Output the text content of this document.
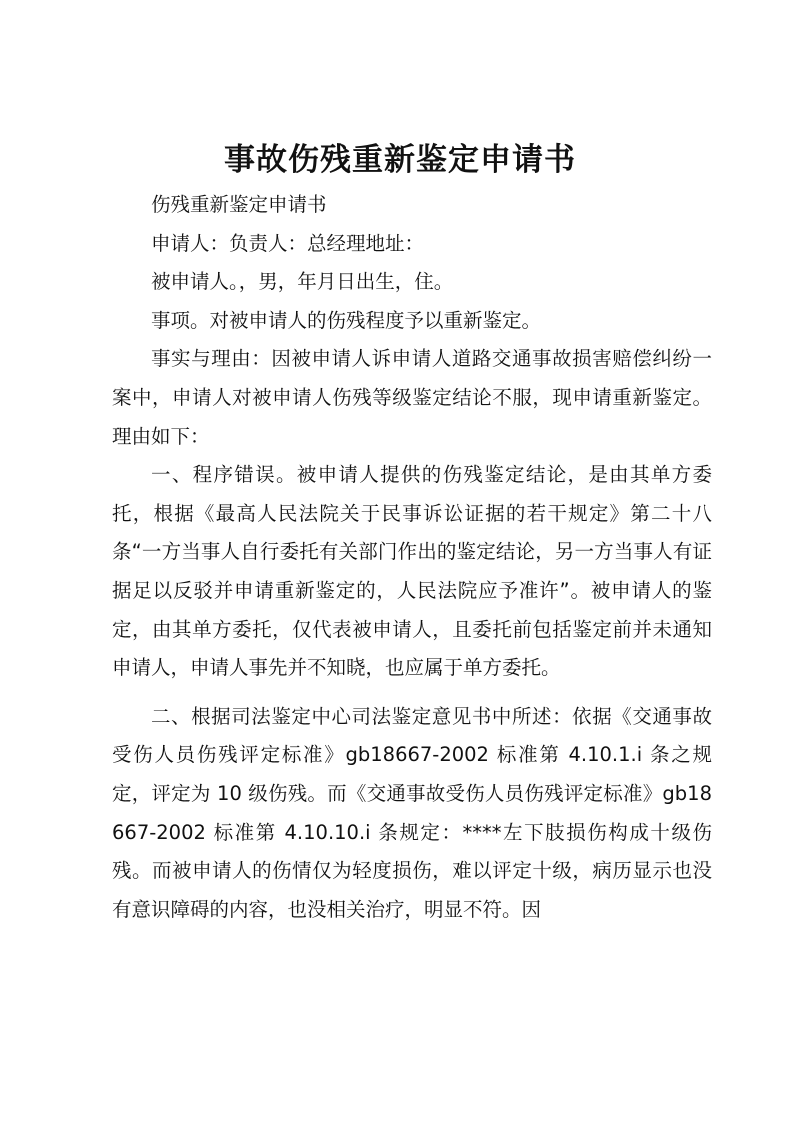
事故伤残重新鉴定申请书

伤残重新鉴定申请书

申请人：负责人：总经理地址：

被申请人。，男，年月日出生，住。

事项。对被申请人的伤残程度予以重新鉴定。

事实与理由：因被申请人诉申请人道路交通事故损害赔偿纠纷一案中，申请人对被申请人伤残等级鉴定结论不服，现申请重新鉴定。理由如下：

一、程序错误。被申请人提供的伤残鉴定结论，是由其单方委托，根据《最高人民法院关于民事诉讼证据的若干规定》第二十八条“一方当事人自行委托有关部门作出的鉴定结论，另一方当事人有证据足以反驳并申请重新鉴定的，人民法院应予准许”。被申请人的鉴定，由其单方委托，仅代表被申请人，且委托前包括鉴定前并未通知申请人，申请人事先并不知晓，也应属于单方委托。

二、根据司法鉴定中心司法鉴定意见书中所述：依据《交通事故受伤人员伤残评定标准》gb18667-2002 标准第 4.10.1.i 条之规定，评定为 10 级伤残。而《交通事故受伤人员伤残评定标准》gb18667-2002 标准第 4.10.10.i 条规定：****左下肢损伤构成十级伤残。而被申请人的伤情仅为轻度损伤，难以评定十级，病历显示也没有意识障碍的内容，也没相关治疗，明显不符。因
